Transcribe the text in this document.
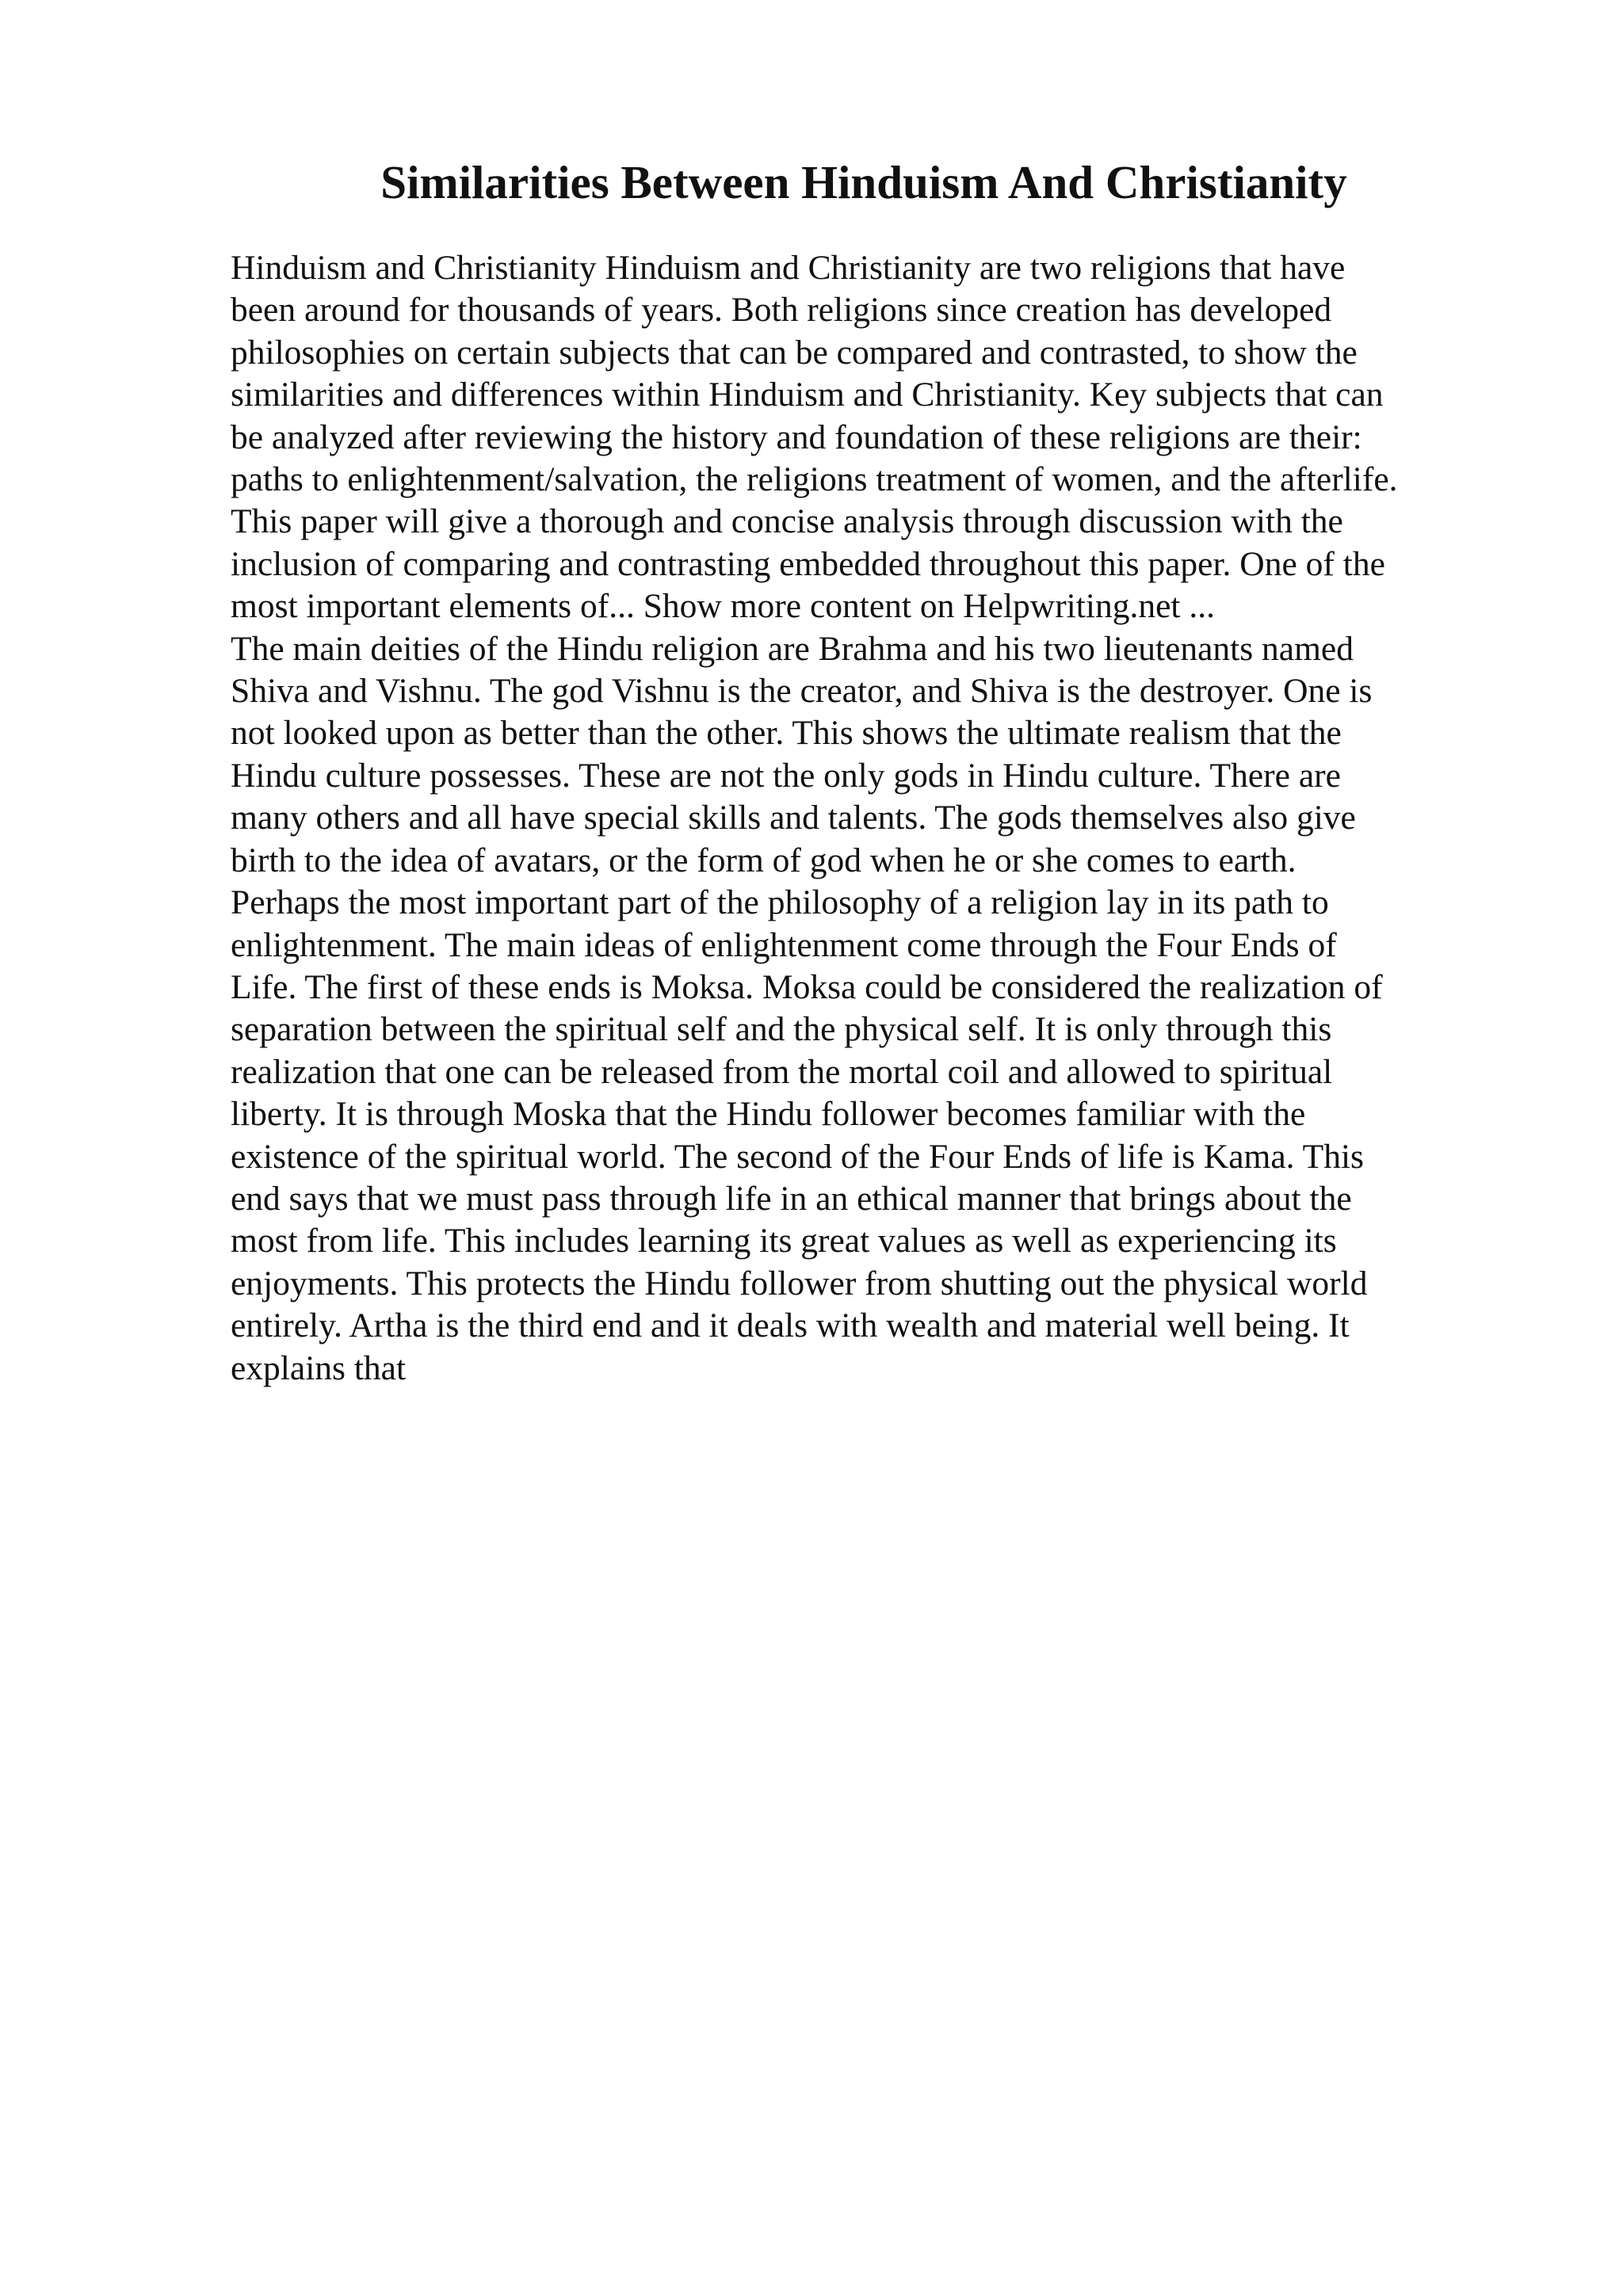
Similarities Between Hinduism And Christianity
Hinduism and Christianity Hinduism and Christianity are two religions that have
been around for thousands of years. Both religions since creation has developed
philosophies on certain subjects that can be compared and contrasted, to show the
similarities and differences within Hinduism and Christianity. Key subjects that can
be analyzed after reviewing the history and foundation of these religions are their:
paths to enlightenment/salvation, the religions treatment of women, and the afterlife.
This paper will give a thorough and concise analysis through discussion with the
inclusion of comparing and contrasting embedded throughout this paper. One of the
most important elements of... Show more content on Helpwriting.net ...
The main deities of the Hindu religion are Brahma and his two lieutenants named
Shiva and Vishnu. The god Vishnu is the creator, and Shiva is the destroyer. One is
not looked upon as better than the other. This shows the ultimate realism that the
Hindu culture possesses. These are not the only gods in Hindu culture. There are
many others and all have special skills and talents. The gods themselves also give
birth to the idea of avatars, or the form of god when he or she comes to earth.
Perhaps the most important part of the philosophy of a religion lay in its path to
enlightenment. The main ideas of enlightenment come through the Four Ends of
Life. The first of these ends is Moksa. Moksa could be considered the realization of
separation between the spiritual self and the physical self. It is only through this
realization that one can be released from the mortal coil and allowed to spiritual
liberty. It is through Moska that the Hindu follower becomes familiar with the
existence of the spiritual world. The second of the Four Ends of life is Kama. This
end says that we must pass through life in an ethical manner that brings about the
most from life. This includes learning its great values as well as experiencing its
enjoyments. This protects the Hindu follower from shutting out the physical world
entirely. Artha is the third end and it deals with wealth and material well being. It
explains that
